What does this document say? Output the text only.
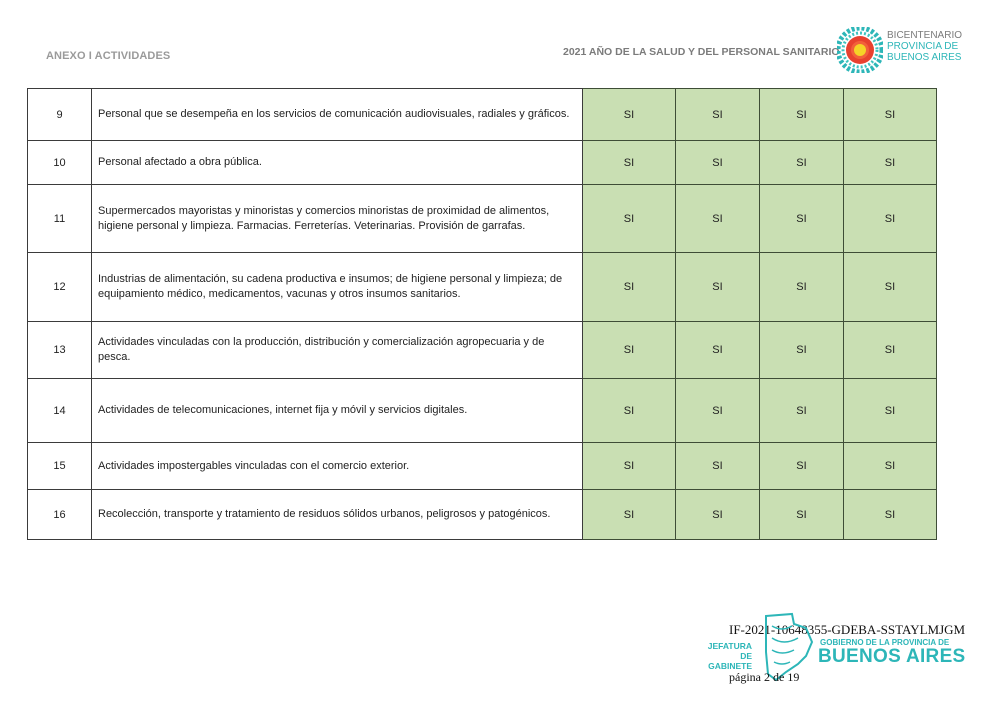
ANEXO I ACTIVIDADES	2021 AÑO DE LA SALUD Y DEL PERSONAL SANITARIO
BICENTENARIO
PROVINCIA DE
BUENOS AIRES
9	Personal que se desempeña en los servicios de comunicación audiovisuales, radiales y gráficos.	SI	SI	SI	SI
10	Personal afectado a obra pública.	SI	SI	SI	SI
11	Supermercados mayoristas y minoristas y comercios minoristas de proximidad de alimentos, higiene personal y limpieza. Farmacias. Ferreterías. Veterinarias. Provisión de garrafas.	SI	SI	SI	SI
12	Industrias de alimentación, su cadena productiva e insumos; de higiene personal y limpieza; de equipamiento médico, medicamentos, vacunas y otros insumos sanitarios.	SI	SI	SI	SI
13	Actividades vinculadas con la producción, distribución y comercialización agropecuaria y de pesca.	SI	SI	SI	SI
14	Actividades de telecomunicaciones, internet fija y móvil y servicios digitales.	SI	SI	SI	SI
15	Actividades impostergables vinculadas con el comercio exterior.	SI	SI	SI	SI
16	Recolección, transporte y tratamiento de residuos sólidos urbanos, peligrosos y patogénicos.	SI	SI	SI	SI
IF-2021-10648355-GDEBA-SSTAYLMJGM
JEFATURA DE
GABINETE
GOBIERNO DE LA PROVINCIA DE
BUENOS AIRES
página 2 de 19
